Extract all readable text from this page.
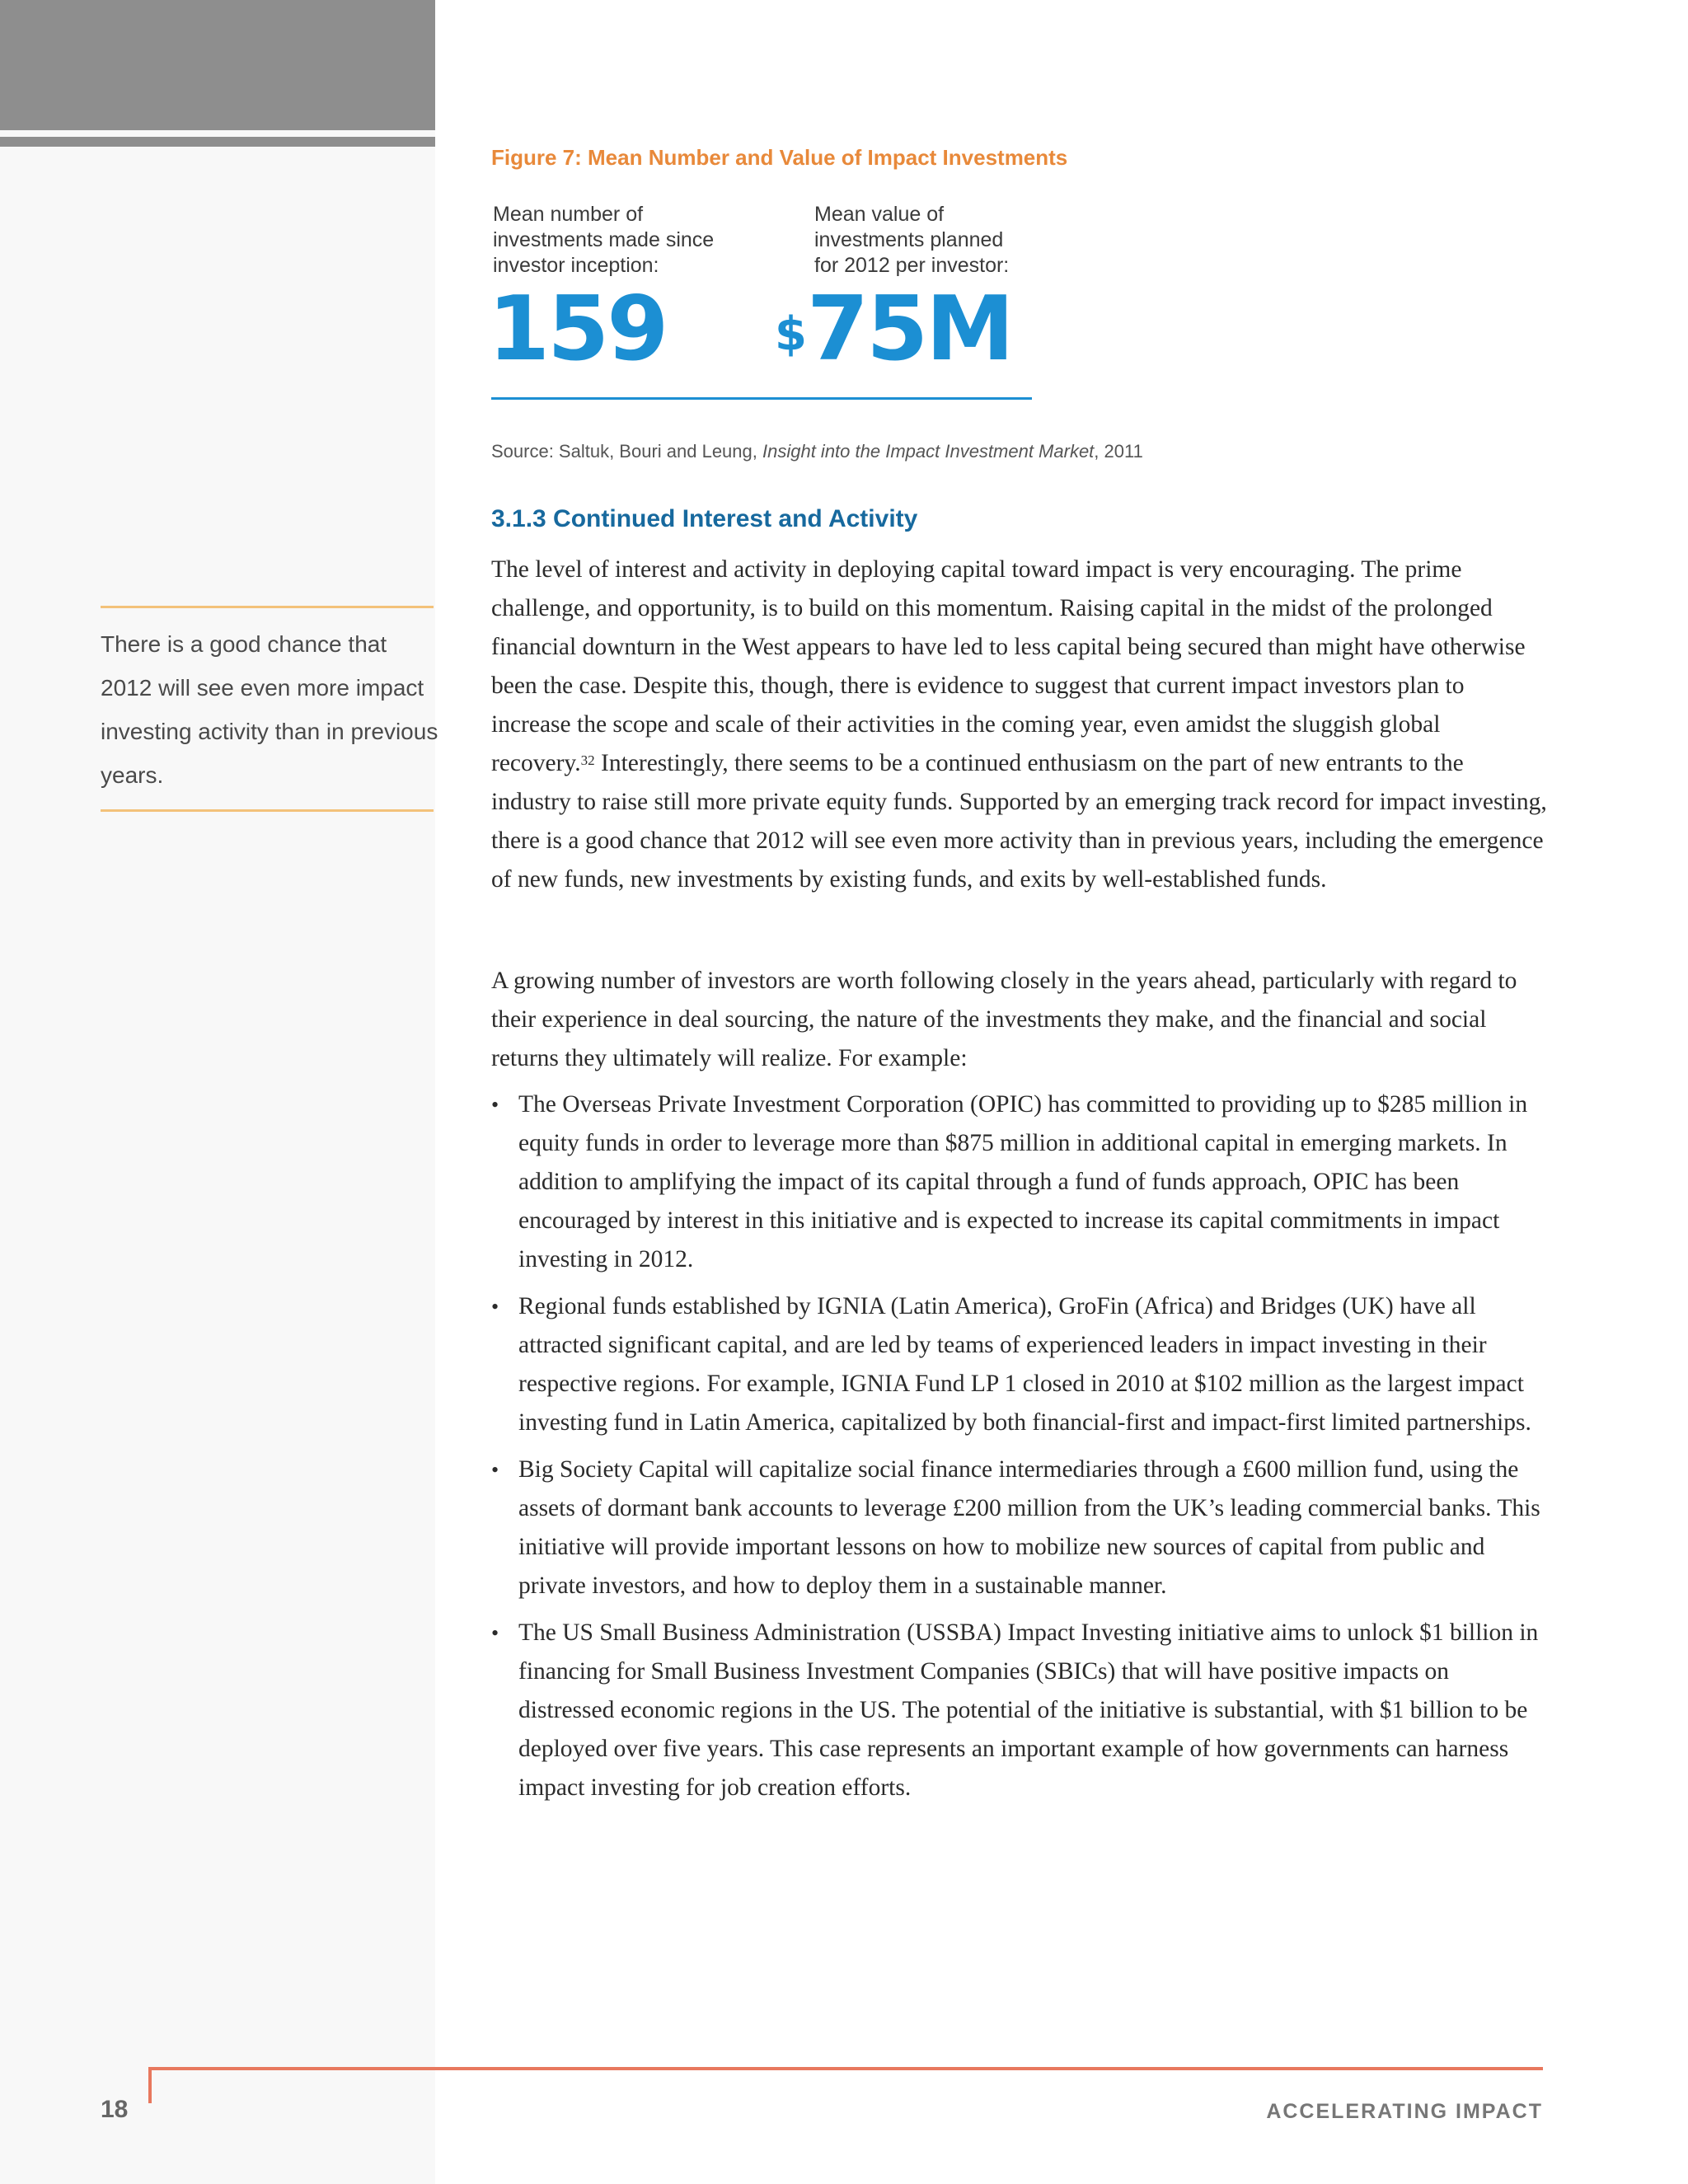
Figure 7: Mean Number and Value of Impact Investments
Mean number of
investments made since
investor inception:
Mean value of
investments planned
for 2012 per investor:
159 $75M
Source: Saltuk, Bouri and Leung, Insight into the Impact Investment Market, 2011
3.1.3 Continued Interest and Activity
The level of interest and activity in deploying capital toward impact is very encouraging. The prime challenge, and opportunity, is to build on this momentum. Raising capital in the midst of the prolonged financial downturn in the West appears to have led to less capital being secured than might have otherwise been the case. Despite this, though, there is evidence to suggest that current impact investors plan to increase the scope and scale of their activities in the coming year, even amidst the sluggish global recovery.$^{32}$ Interestingly, there seems to be a continued enthusiasm on the part of new entrants to the industry to raise still more private equity funds. Supported by an emerging track record for impact investing, there is a good chance that 2012 will see even more activity than in previous years, including the emergence of new funds, new investments by existing funds, and exits by well-established funds.
A growing number of investors are worth following closely in the years ahead, particularly with regard to their experience in deal sourcing, the nature of the investments they make, and the financial and social returns they ultimately will realize. For example:
• The Overseas Private Investment Corporation (OPIC) has committed to providing up to $285 million in equity funds in order to leverage more than $875 million in additional capital in emerging markets. In addition to amplifying the impact of its capital through a fund of funds approach, OPIC has been encouraged by interest in this initiative and is expected to increase its capital commitments in impact investing in 2012.
• Regional funds established by IGNIA (Latin America), GroFin (Africa) and Bridges (UK) have all attracted significant capital, and are led by teams of experienced leaders in impact investing in their respective regions. For example, IGNIA Fund LP 1 closed in 2010 at $102 million as the largest impact investing fund in Latin America, capitalized by both financial-first and impact-first limited partnerships.
• Big Society Capital will capitalize social finance intermediaries through a £600 million fund, using the assets of dormant bank accounts to leverage £200 million from the UK’s leading commercial banks. This initiative will provide important lessons on how to mobilize new sources of capital from public and private investors, and how to deploy them in a sustainable manner.
• The US Small Business Administration (USSBA) Impact Investing initiative aims to unlock $1 billion in financing for Small Business Investment Companies (SBICs) that will have positive impacts on distressed economic regions in the US. The potential of the initiative is substantial, with $1 billion to be deployed over five years. This case represents an important example of how governments can harness impact investing for job creation efforts.
There is a good chance that 2012 will see even more impact investing activity than in previous years.
18	ACCELERATING IMPACT
